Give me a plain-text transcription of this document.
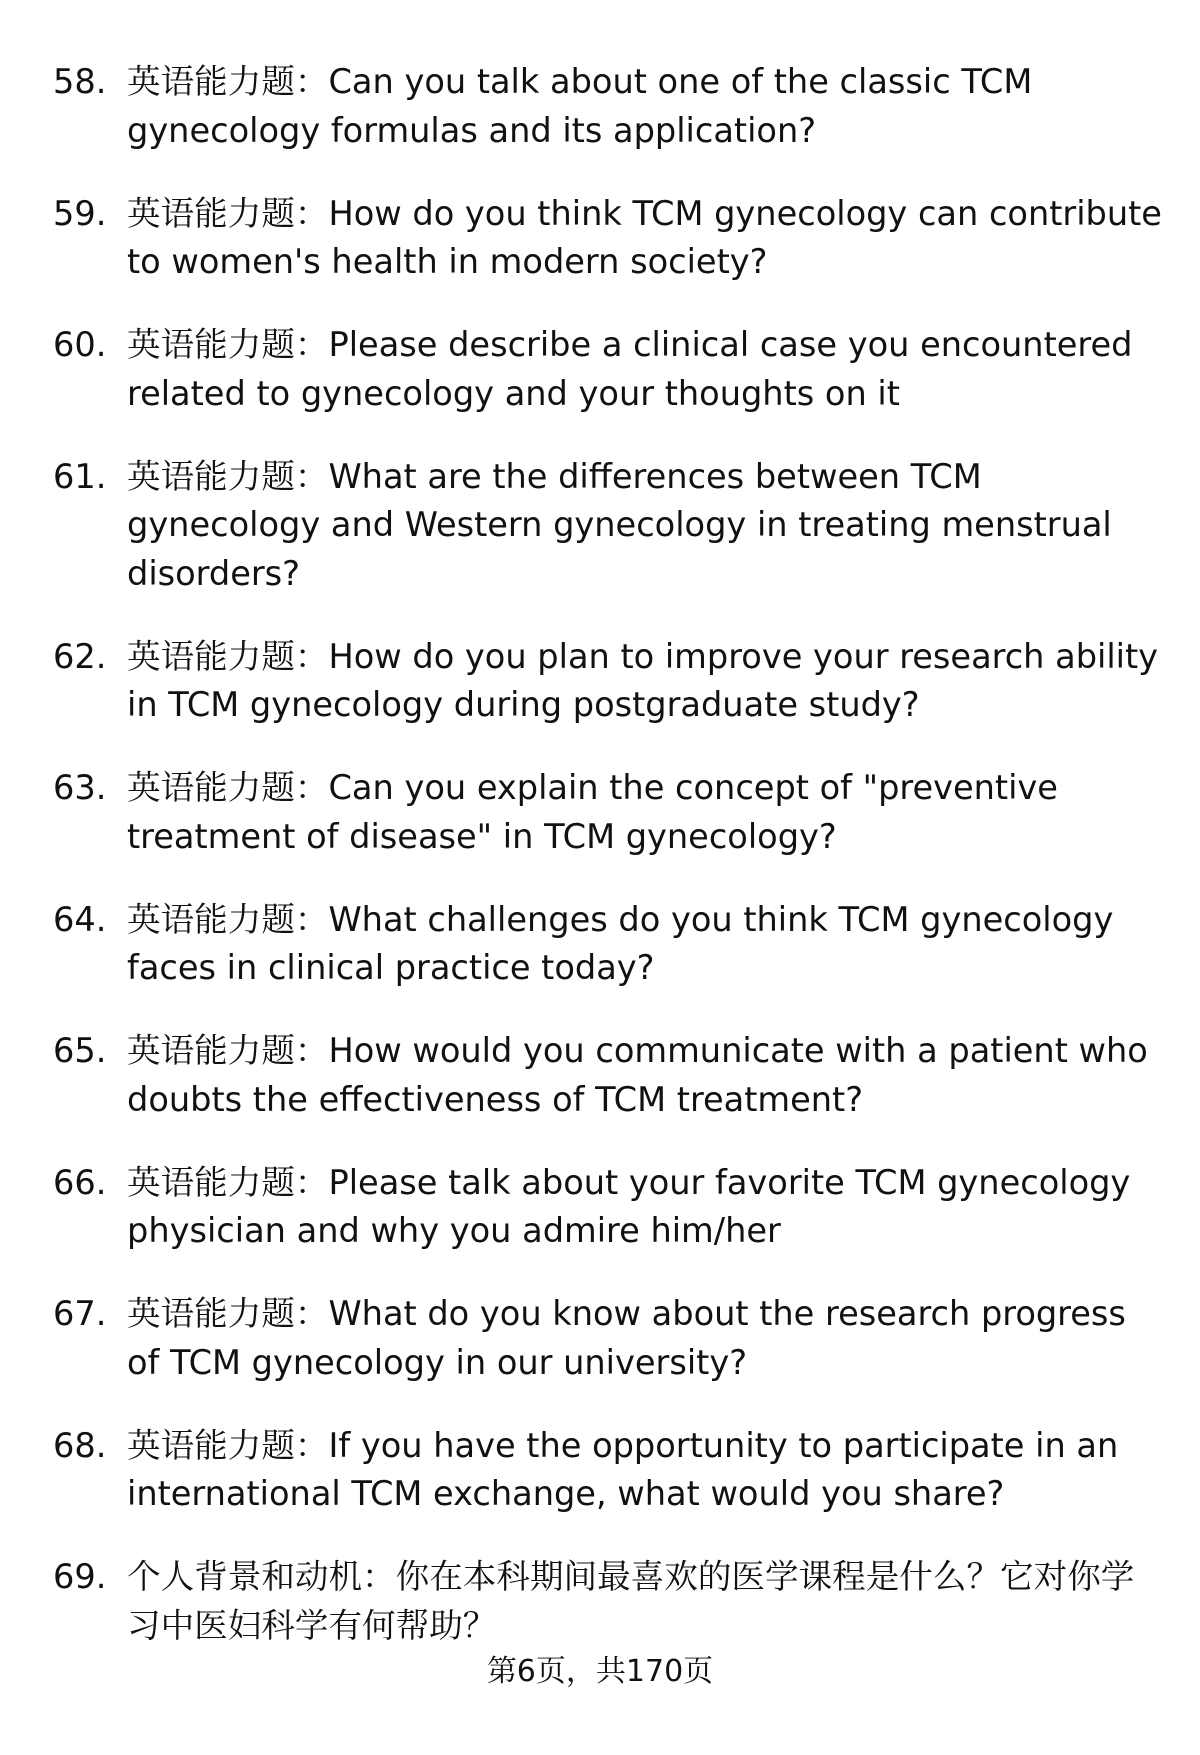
58. 英语能力题：Can you talk about one of the classic TCM gynecology formulas and its application?
59. 英语能力题：How do you think TCM gynecology can contribute to women's health in modern society?
60. 英语能力题：Please describe a clinical case you encountered related to gynecology and your thoughts on it
61. 英语能力题：What are the differences between TCM gynecology and Western gynecology in treating menstrual disorders?
62. 英语能力题：How do you plan to improve your research ability in TCM gynecology during postgraduate study?
63. 英语能力题：Can you explain the concept of "preventive treatment of disease" in TCM gynecology?
64. 英语能力题：What challenges do you think TCM gynecology faces in clinical practice today?
65. 英语能力题：How would you communicate with a patient who doubts the effectiveness of TCM treatment?
66. 英语能力题：Please talk about your favorite TCM gynecology physician and why you admire him/her
67. 英语能力题：What do you know about the research progress of TCM gynecology in our university?
68. 英语能力题：If you have the opportunity to participate in an international TCM exchange, what would you share?
69. 个人背景和动机：你在本科期间最喜欢的医学课程是什么？它对你学习中医妇科学有何帮助？
第6页，共170页
